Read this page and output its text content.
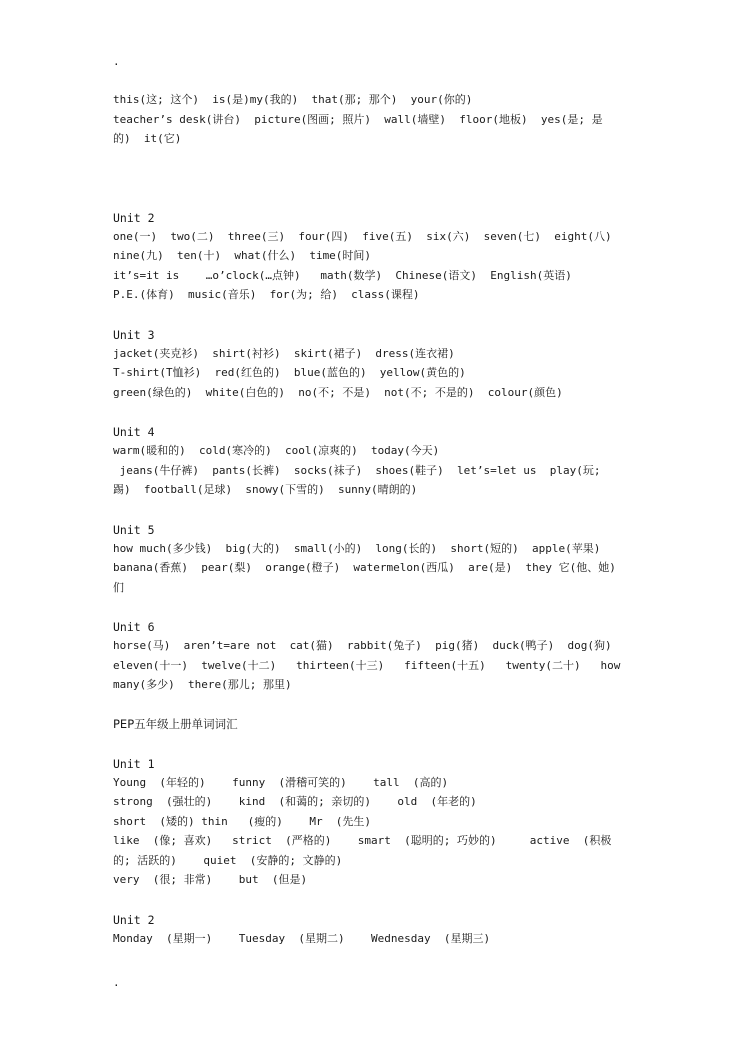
.
this(这; 这个)  is(是)my(我的)  that(那; 那个)  your(你的)
teacher’s desk(讲台)  picture(图画; 照片)  wall(墙壁)  floor(地板)  yes(是; 是
的)  it(它)
Unit 2
one(一)  two(二)  three(三)  four(四)  five(五)  six(六)  seven(七)  eight(八)
nine(九)  ten(十)  what(什么)  time(时间)
it’s=it is    …o’clock(…点钟)   math(数学)  Chinese(语文)  English(英语)
P.E.(体育)  music(音乐)  for(为; 给)  class(课程)
Unit 3
jacket(夹克衫)  shirt(衬衫)  skirt(裙子)  dress(连衣裙)
T-shirt(T恤衫)  red(红色的)  blue(蓝色的)  yellow(黄色的)
green(绿色的)  white(白色的)  no(不; 不是)  not(不; 不是的)  colour(颜色)
Unit 4
warm(暖和的)  cold(寒冷的)  cool(凉爽的)  today(今天)
jeans(牛仔裤)  pants(长裤)  socks(袜子)  shoes(鞋子)  let’s=let us  play(玩;
踢)  football(足球)  snowy(下雪的)  sunny(晴朗的)
Unit 5
how much(多少钱)  big(大的)  small(小的)  long(长的)  short(短的)  apple(苹果)
banana(香蕉)  pear(梨)  orange(橙子)  watermelon(西瓜)  are(是)  they 它(他、她)
们
Unit 6
horse(马)  aren’t=are not  cat(猫)  rabbit(兔子)  pig(猪)  duck(鸭子)  dog(狗)
eleven(十一)  twelve(十二)   thirteen(十三)   fifteen(十五)   twenty(二十)   how
many(多少)  there(那儿; 那里)
PEP五年级上册单词词汇
Unit 1
Young  (年轻的)    funny  (滑稽可笑的)    tall  (高的)
strong  (强壮的)    kind  (和蔼的; 亲切的)    old  (年老的)
short  (矮的) thin   (瘦的)    Mr  (先生)
like  (像; 喜欢)   strict  (严格的)    smart  (聪明的; 巧妙的)     active  (积极
的; 活跃的)    quiet  (安静的; 文静的)
very  (很; 非常)    but  (但是)
Unit 2
Monday  (星期一)    Tuesday  (星期二)    Wednesday  (星期三)
.
